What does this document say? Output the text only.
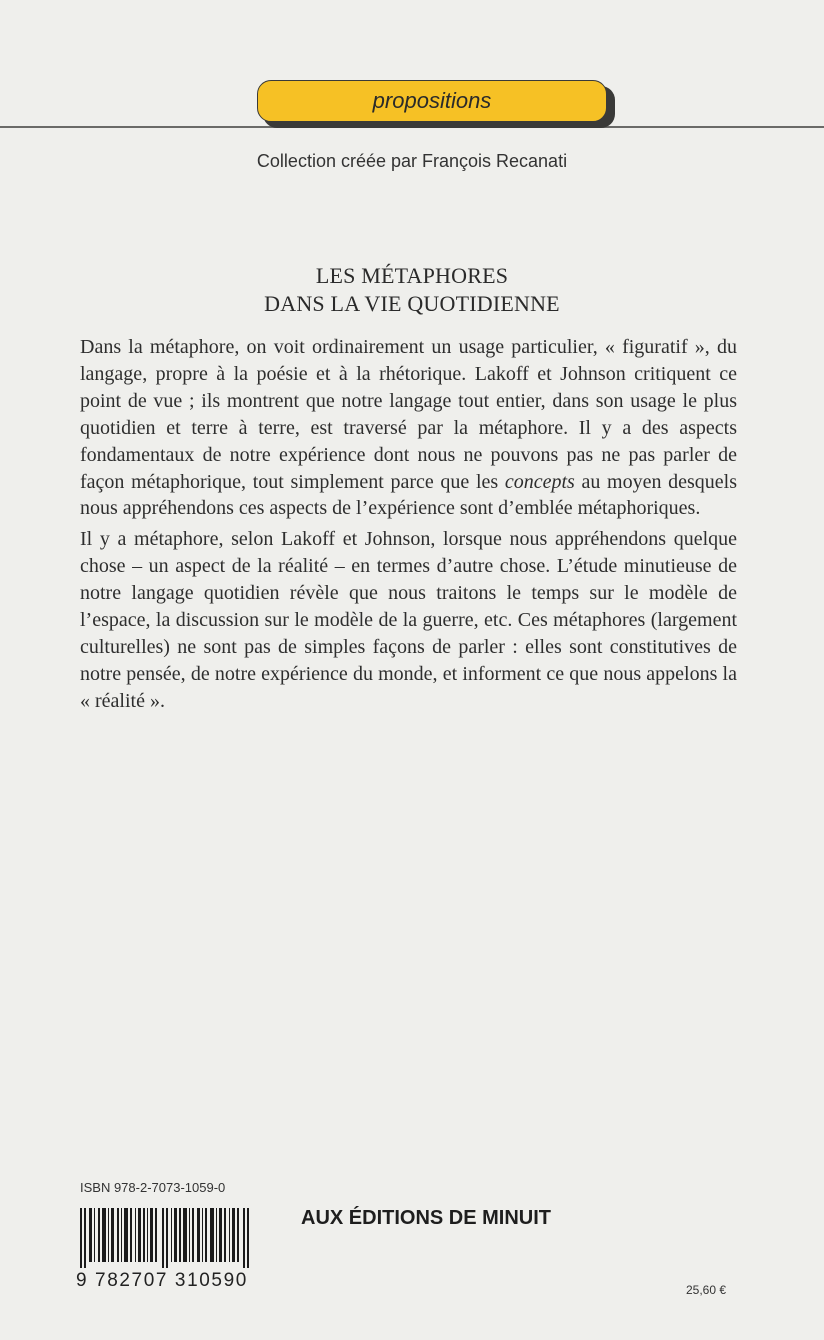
propositions
Collection créée par François Recanati
LES MÉTAPHORES
DANS LA VIE QUOTIDIENNE

Dans la métaphore, on voit ordinairement un usage particulier, « figuratif », du langage, propre à la poésie et à la rhétorique. Lakoff et Johnson critiquent ce point de vue ; ils montrent que notre langage tout entier, dans son usage le plus quotidien et terre à terre, est traversé par la métaphore. Il y a des aspects fondamentaux de notre expérience dont nous ne pouvons pas ne pas parler de façon métaphorique, tout simplement parce que les concepts au moyen desquels nous appréhendons ces aspects de l’expérience sont d’emblée métaphoriques.

Il y a métaphore, selon Lakoff et Johnson, lorsque nous appréhendons quelque chose – un aspect de la réalité – en termes d’autre chose. L’étude minutieuse de notre langage quotidien révèle que nous traitons le temps sur le modèle de l’espace, la discussion sur le modèle de la guerre, etc. Ces métaphores (largement culturelles) ne sont pas de simples façons de parler : elles sont constitutives de notre pensée, de notre expérience du monde, et informent ce que nous appelons la « réalité ».

ISBN 978-2-7073-1059-0
9 782707 310590
AUX ÉDITIONS DE MINUIT
25,60 €
